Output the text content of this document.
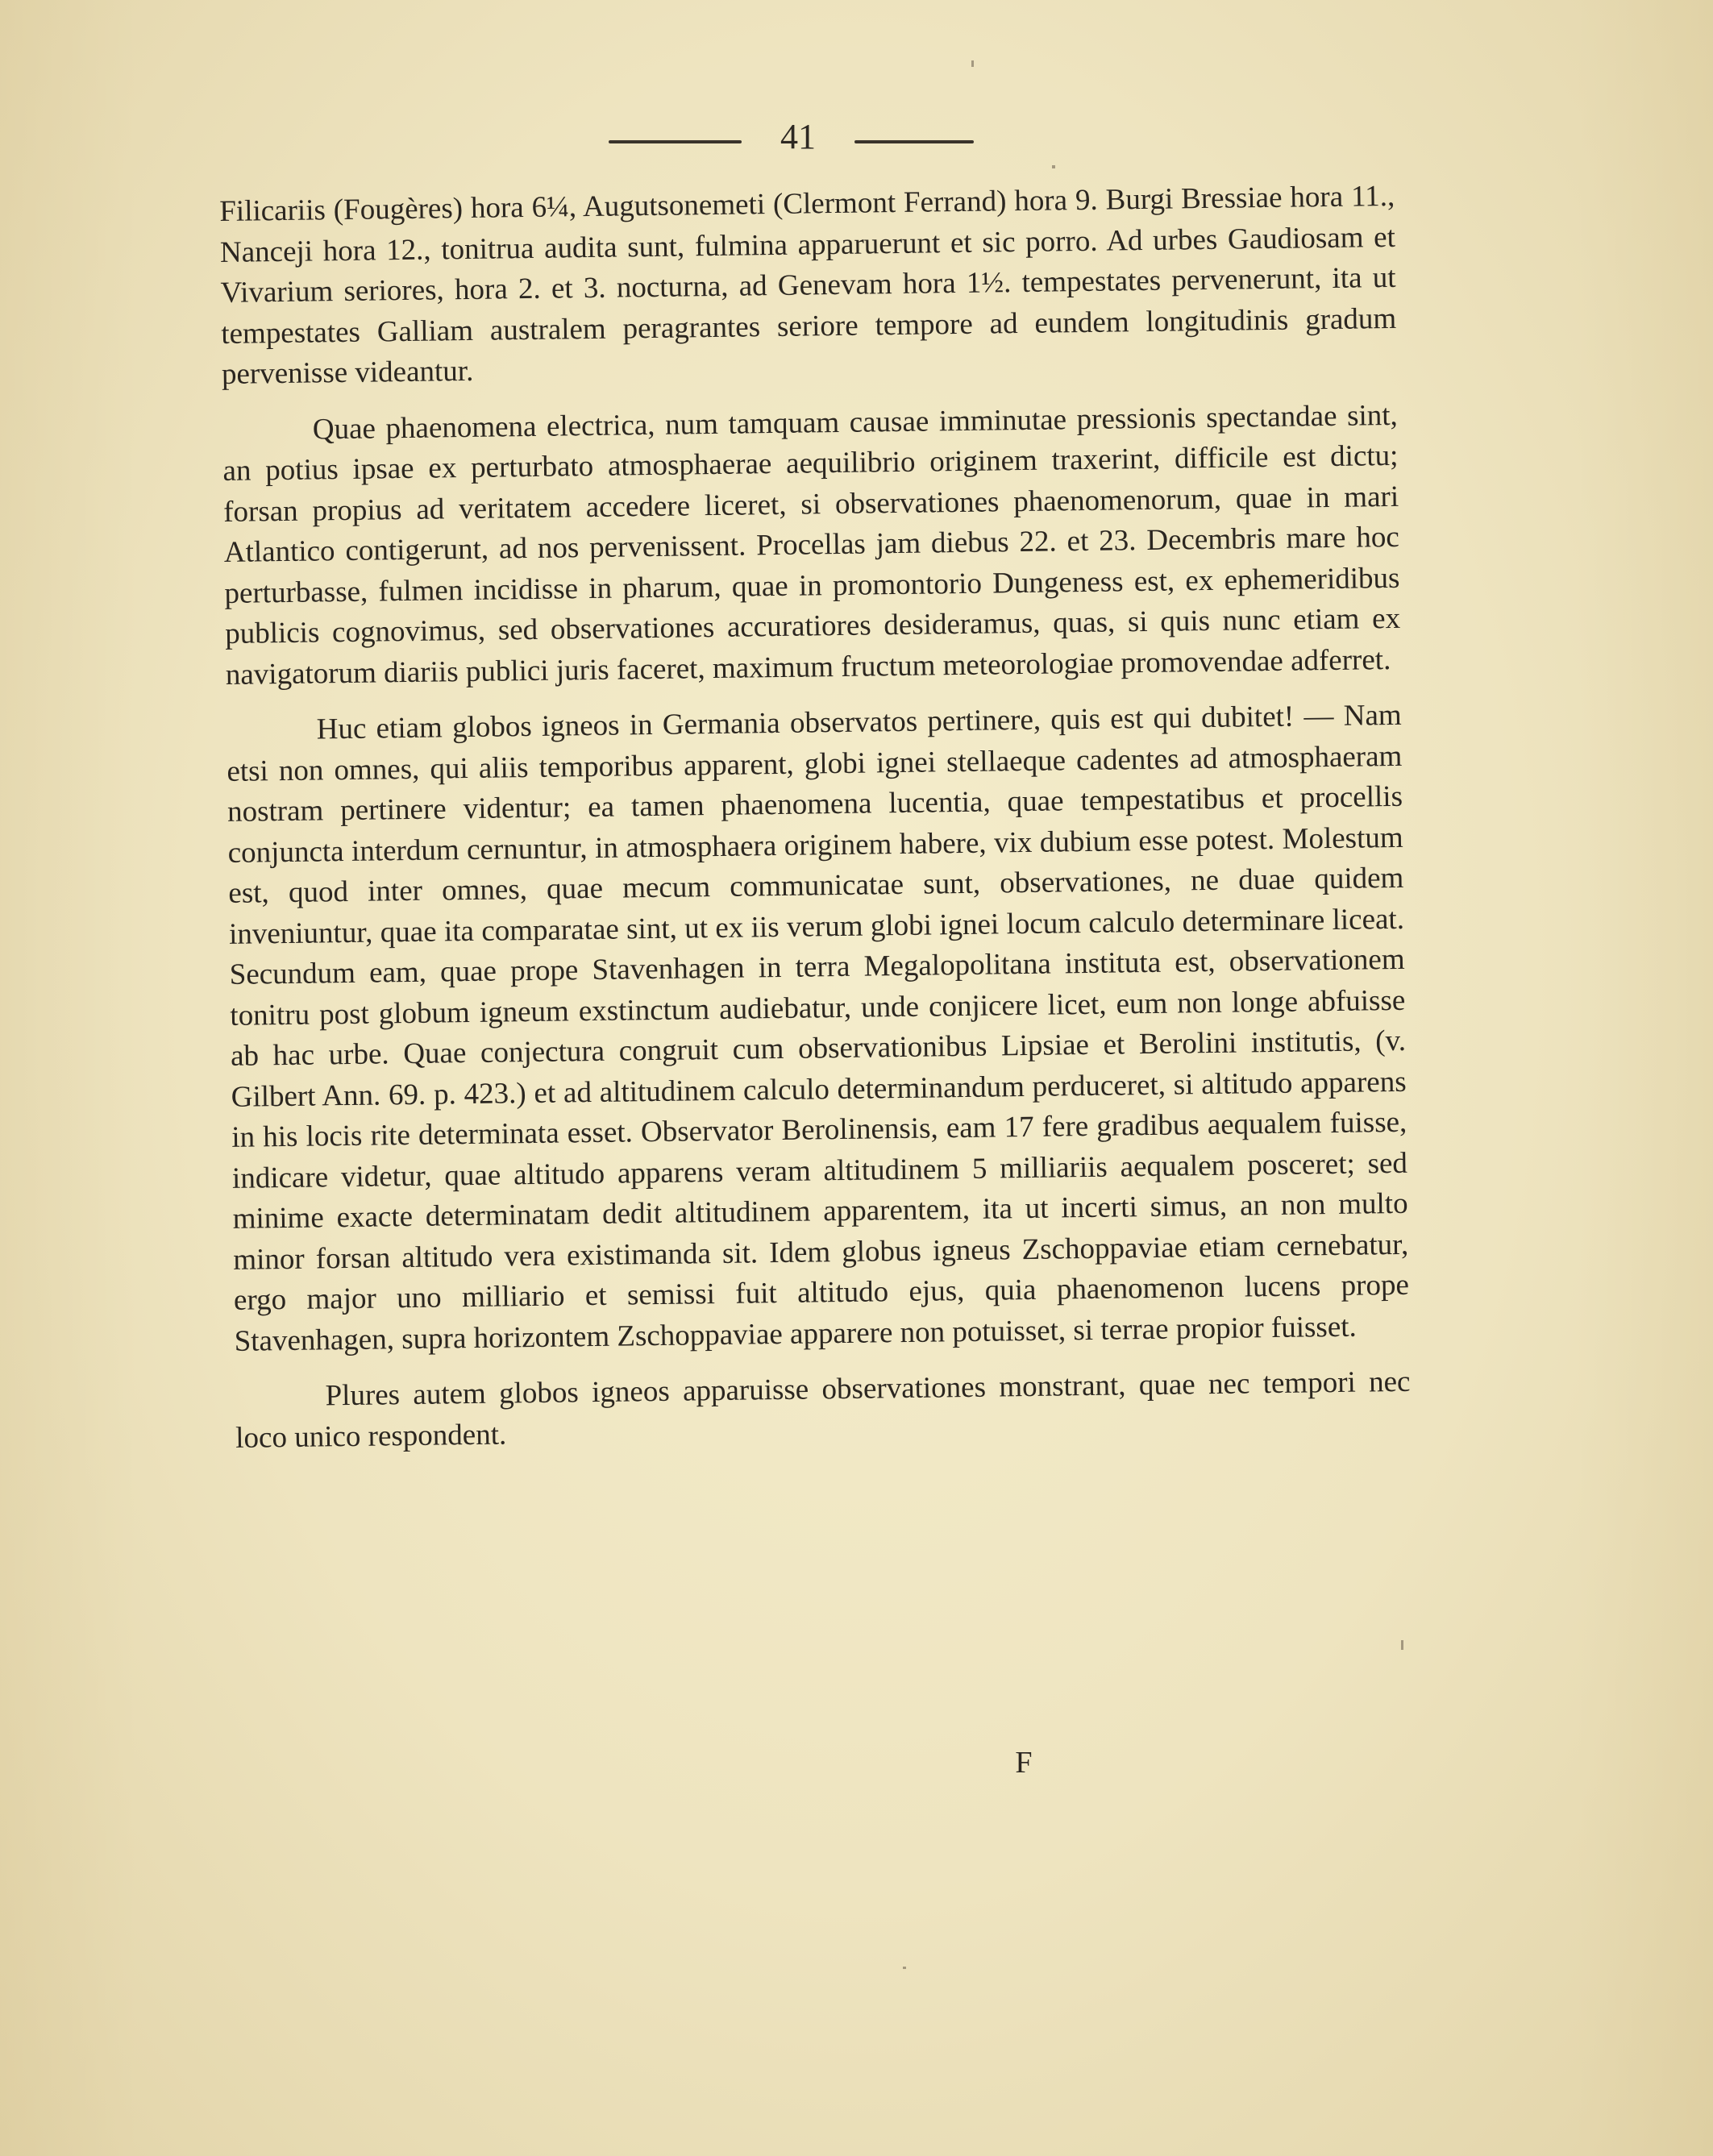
41

Filicariis (Fougères) hora 6¼, Augutsonemeti (Clermont Ferrand) hora 9. Burgi Bressiae hora 11., Nanceji hora 12., tonitrua audita sunt, fulmina apparuerunt et sic porro. Ad urbes Gaudiosam et Vivarium seriores, hora 2. et 3. nocturna, ad Genevam hora 1½. tempestates pervenerunt, ita ut tempestates Galliam australem peragrantes seriore tempore ad eundem longitudinis gradum pervenisse videantur.

Quae phaenomena electrica, num tamquam causae imminutae pressionis spectandae sint, an potius ipsae ex perturbato atmosphaerae aequilibrio originem traxerint, difficile est dictu; forsan propius ad veritatem accedere liceret, si observationes phaenomenorum, quae in mari Atlantico contigerunt, ad nos pervenissent. Procellas jam diebus 22. et 23. Decembris mare hoc perturbasse, fulmen incidisse in pharum, quae in promontorio Dungeness est, ex ephemeridibus publicis cognovimus, sed observationes accuratiores desideramus, quas, si quis nunc etiam ex navigatorum diariis publici juris faceret, maximum fructum meteorologiae promovendae adferret.

Huc etiam globos igneos in Germania observatos pertinere, quis est qui dubitet! — Nam etsi non omnes, qui aliis temporibus apparent, globi ignei stellaeque cadentes ad atmosphaeram nostram pertinere videntur; ea tamen phaenomena lucentia, quae tempestatibus et procellis conjuncta interdum cernuntur, in atmosphaera originem habere, vix dubium esse potest. Molestum est, quod inter omnes, quae mecum communicatae sunt, observationes, ne duae quidem inveniuntur, quae ita comparatae sint, ut ex iis verum globi ignei locum calculo determinare liceat. Secundum eam, quae prope Stavenhagen in terra Megalopolitana instituta est, observationem tonitru post globum igneum exstinctum audiebatur, unde conjicere licet, eum non longe abfuisse ab hac urbe. Quae conjectura congruit cum observationibus Lipsiae et Berolini institutis, (v. Gilbert Ann. 69. p. 423.) et ad altitudinem calculo determinandum perduceret, si altitudo apparens in his locis rite determinata esset. Observator Berolinensis, eam 17 fere gradibus aequalem fuisse, indicare videtur, quae altitudo apparens veram altitudinem 5 milliariis aequalem posceret; sed minime exacte determinatam dedit altitudinem apparentem, ita ut incerti simus, an non multo minor forsan altitudo vera existimanda sit. Idem globus igneus Zschoppaviae etiam cernebatur, ergo major uno milliario et semissi fuit altitudo ejus, quia phaenomenon lucens prope Stavenhagen, supra horizontem Zschoppaviae apparere non potuisset, si terrae propior fuisset.

Plures autem globos igneos apparuisse observationes monstrant, quae nec tempori nec loco unico respondent.

F
